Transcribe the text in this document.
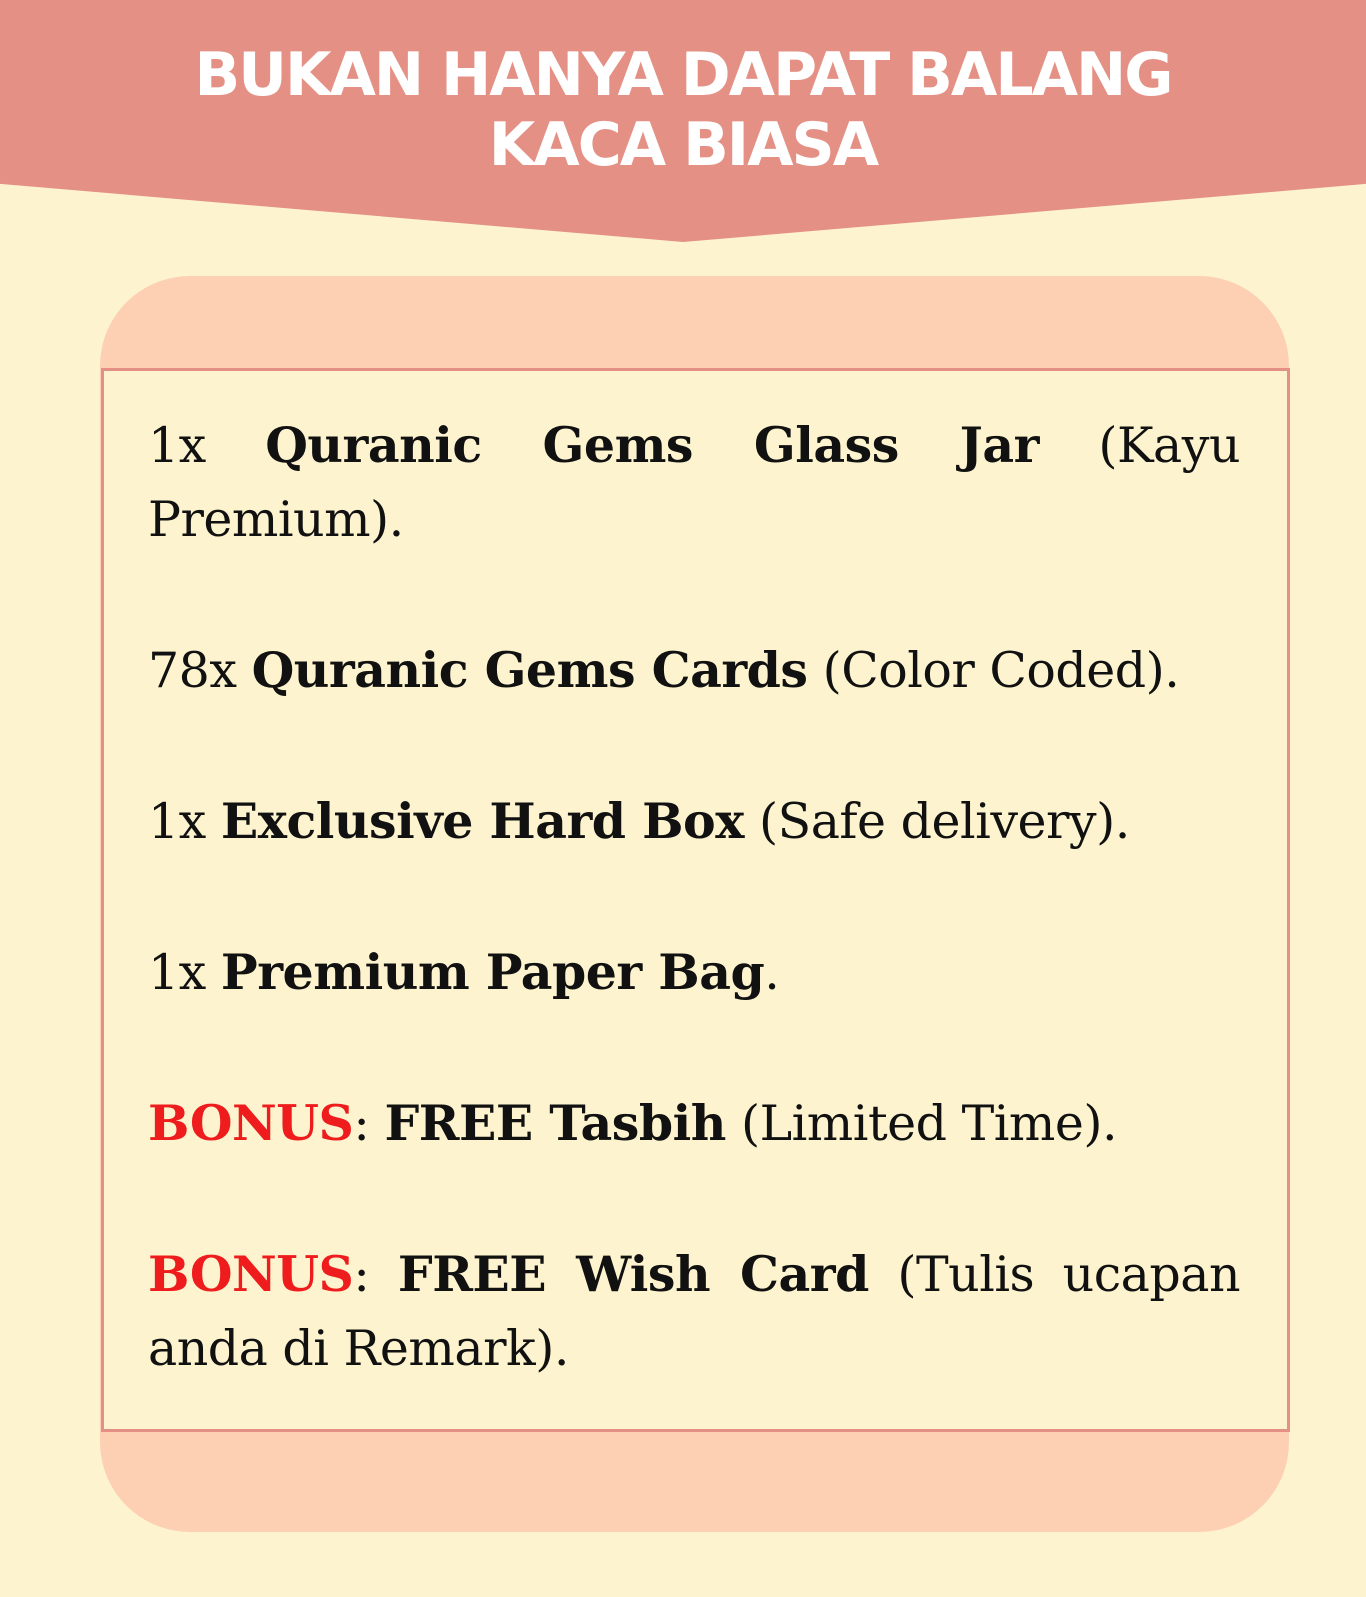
BUKAN HANYA DAPAT BALANG
KACA BIASA
1x Quranic Gems Glass Jar (Kayu Premium).
78x Quranic Gems Cards (Color Coded).
1x Exclusive Hard Box (Safe delivery).
1x Premium Paper Bag.
BONUS: FREE Tasbih (Limited Time).
BONUS: FREE Wish Card (Tulis ucapan anda di Remark).
